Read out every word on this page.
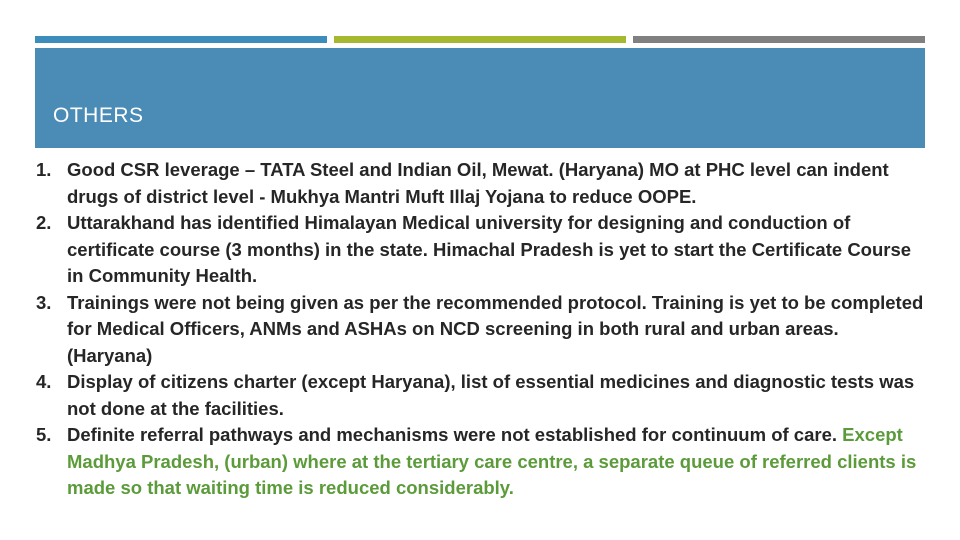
OTHERS
1. Good CSR leverage – TATA Steel and Indian Oil, Mewat. (Haryana) MO at PHC level can indent drugs of district level - Mukhya Mantri Muft Illaj Yojana to reduce OOPE.
2. Uttarakhand has identified Himalayan Medical university for designing and conduction of certificate course (3 months) in the state. Himachal Pradesh is yet to start the Certificate Course in Community Health.
3. Trainings were not being given as per the recommended protocol. Training is yet to be completed for Medical Officers, ANMs and ASHAs on NCD screening in both rural and urban areas. (Haryana)
4. Display of citizens charter (except Haryana), list of essential medicines and diagnostic tests was not done at the facilities.
5. Definite referral pathways and mechanisms were not established for continuum of care. Except Madhya Pradesh, (urban) where at the tertiary care centre, a separate queue of referred clients is made so that waiting time is reduced considerably.
